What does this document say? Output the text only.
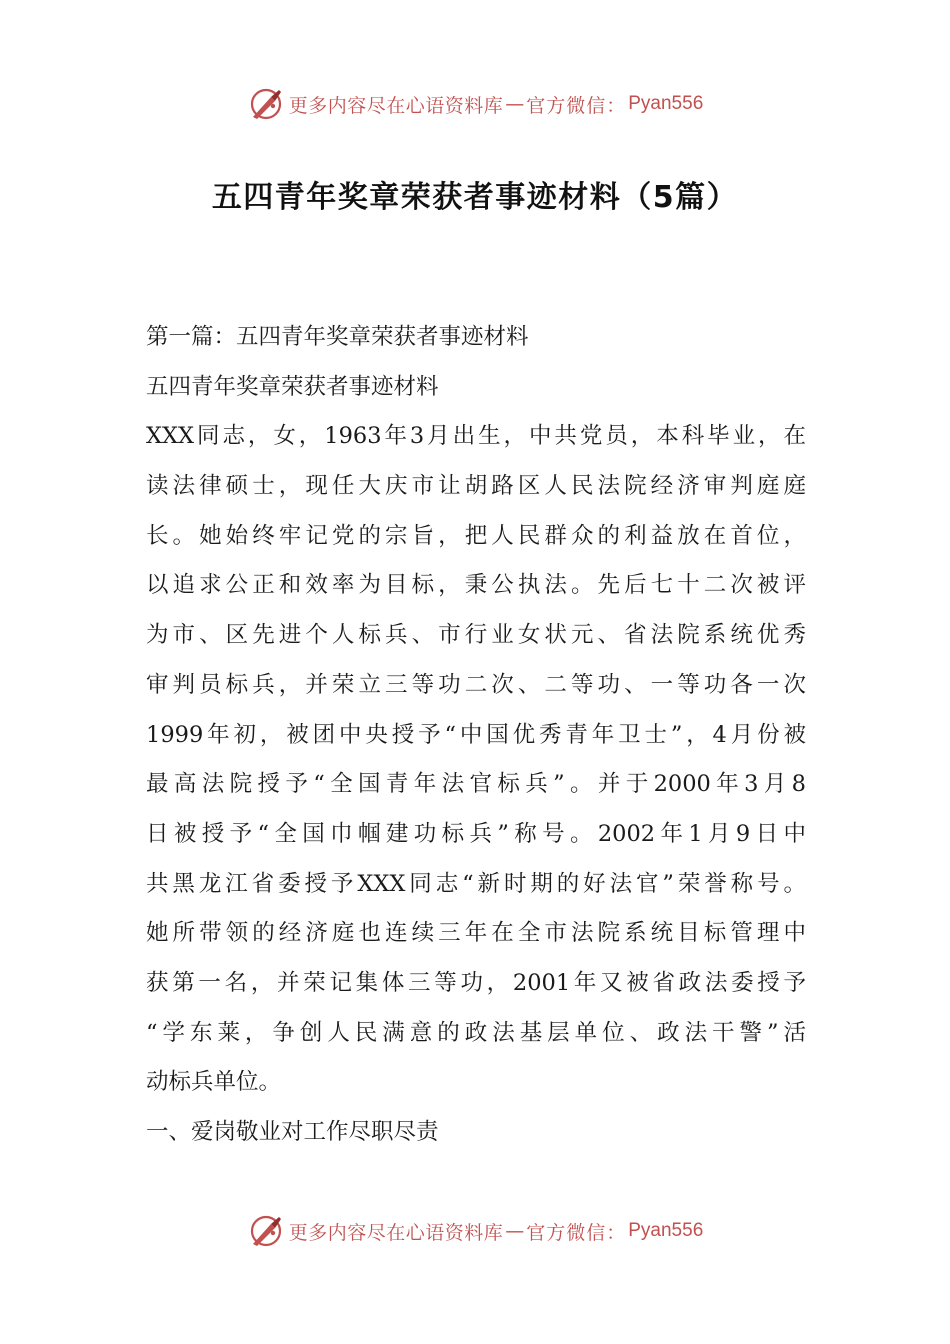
更多内容尽在心语资料库 — 官方微信： Pyan556
五四青年奖章荣获者事迹材料（5篇）
第一篇：五四青年奖章荣获者事迹材料
五四青年奖章荣获者事迹材料
XXX同志，女，1963年3月出生，中共党员，本科毕业，在
读法律硕士，现任大庆市让胡路区人民法院经济审判庭庭
长。她始终牢记党的宗旨，把人民群众的利益放在首位，
以追求公正和效率为目标，秉公执法。先后七十二次被评
为市、区先进个人标兵、市行业女状元、省法院系统优秀
审判员标兵，并荣立三等功二次、二等功、一等功各一次
1999年初，被团中央授予“中国优秀青年卫士”，4月份被
最高法院授予“全国青年法官标兵”。并于2000年3月8
日被授予“全国巾帼建功标兵”称号。2002年1月9日中
共黑龙江省委授予XXX同志“新时期的好法官”荣誉称号。
她所带领的经济庭也连续三年在全市法院系统目标管理中
获第一名，并荣记集体三等功，2001年又被省政法委授予
“学东莱，争创人民满意的政法基层单位、政法干警”活
动标兵单位。
一、爱岗敬业对工作尽职尽责
更多内容尽在心语资料库 — 官方微信： Pyan556
